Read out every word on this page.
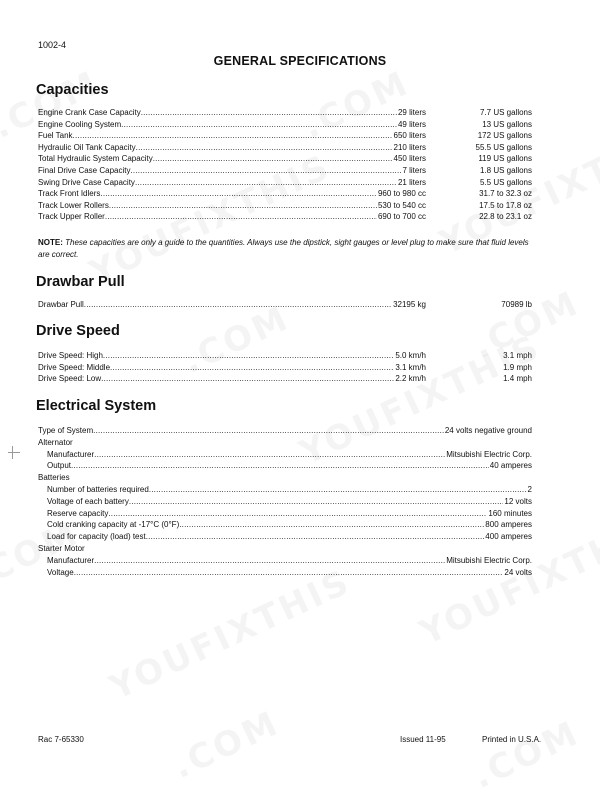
1002-4
GENERAL SPECIFICATIONS
Capacities
Engine Crank Case Capacity .....	29 liters	7.7 US gallons
Engine Cooling System .....	49 liters	13 US gallons
Fuel Tank .....	650 liters	172 US gallons
Hydraulic Oil Tank Capacity .....	210 liters	55.5 US gallons
Total Hydraulic System Capacity .....	450 liters	119 US gallons
Final Drive Case Capacity .....	7 liters	1.8 US gallons
Swing Drive Case Capacity .....	21 liters	5.5 US gallons
Track Front Idlers .....	960 to 980 cc	31.7 to 32.3 oz
Track Lower Rollers .....	530 to 540 cc	17.5 to 17.8 oz
Track Upper Roller .....	690 to 700 cc	22.8 to 23.1 oz
NOTE: These capacities are only a guide to the quantities. Always use the dipstick, sight gauges or level plug to make sure that fluid levels are correct.
Drawbar Pull
Drawbar Pull .....	32195 kg	70989 lb
Drive Speed
Drive Speed: High .....	5.0 km/h	3.1 mph
Drive Speed: Middle .....	3.1 km/h	1.9 mph
Drive Speed: Low .....	2.2 km/h	1.4 mph
Electrical System
Type of System .....	24 volts negative ground
Alternator
Manufacturer .....	Mitsubishi Electric Corp.
Output .....	40 amperes
Batteries
Number of batteries required .....	2
Voltage of each battery .....	12 volts
Reserve capacity .....	160 minutes
Cold cranking capacity at -17°C (0°F) .....	800 amperes
Load for capacity (load) test .....	400 amperes
Starter Motor
Manufacturer .....	Mitsubishi Electric Corp.
Voltage .....	24 volts
Rac 7-65330	Issued 11-95	Printed in U.S.A.
